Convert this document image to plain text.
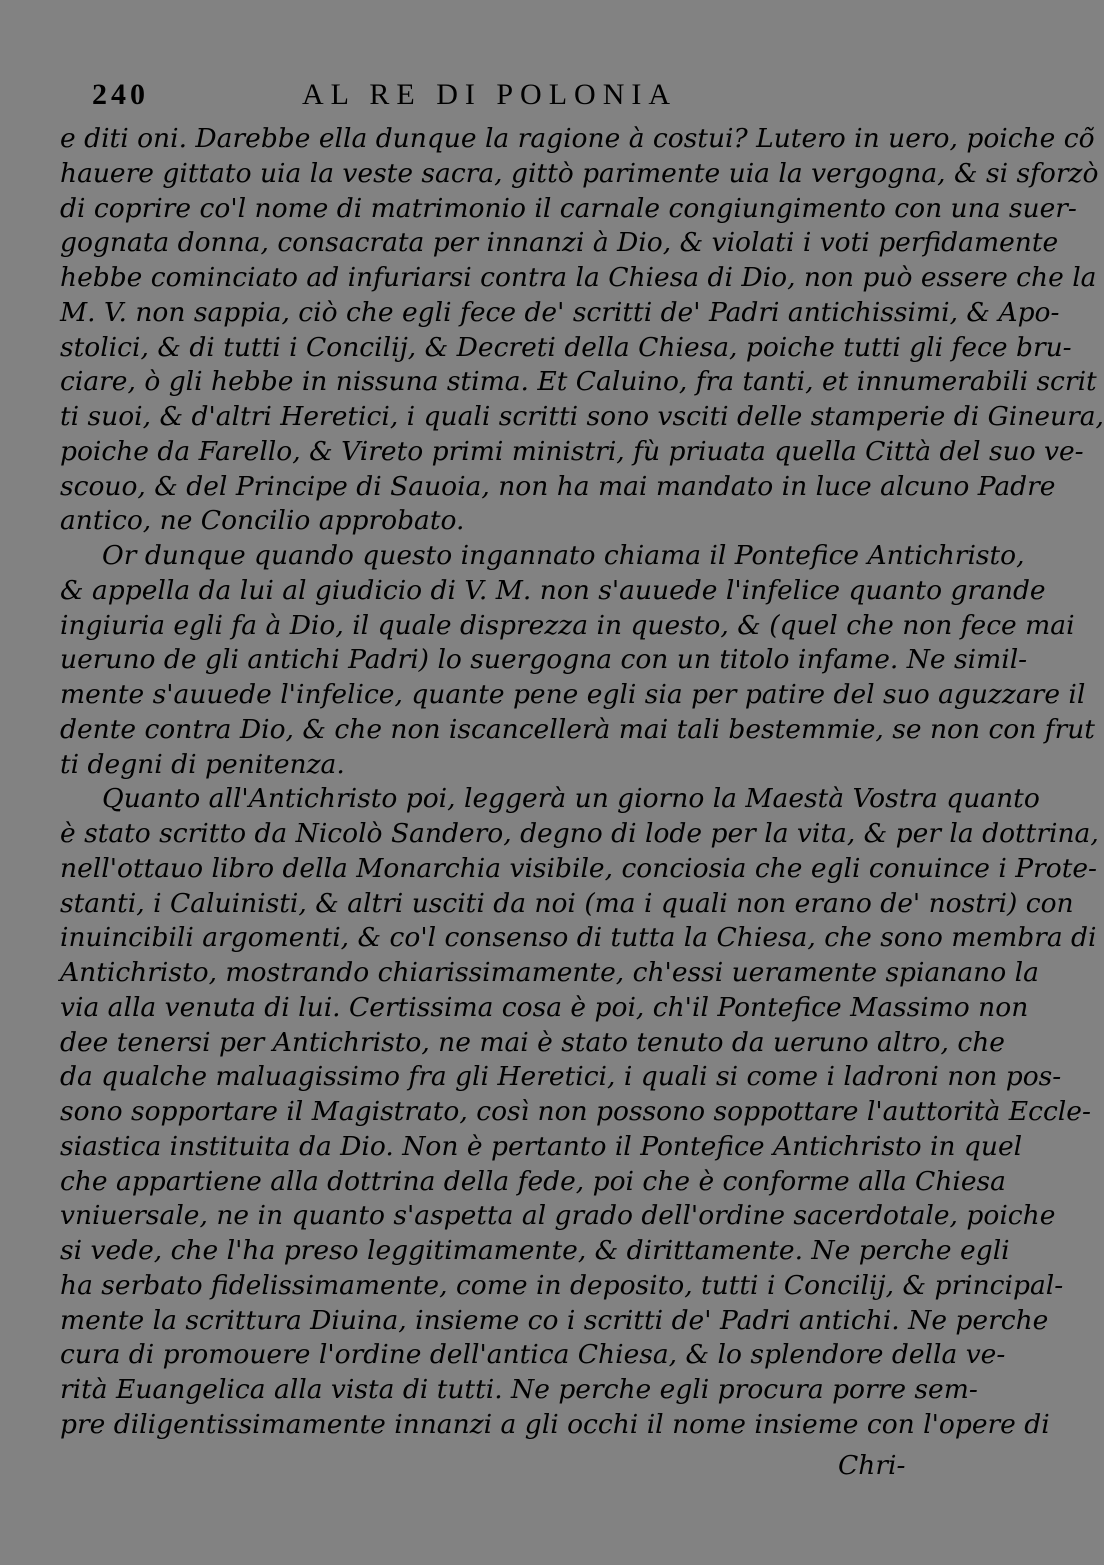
240	AL RE DI POLONIA
e diti oni. Darebbe ella dunque la ragione à costui? Lutero in uero, poiche cõ
hauere gittato uia la veste sacra, gittò parimente uia la vergogna, & si sforzò
di coprire co'l nome di matrimonio il carnale congiungimento con una suer-
gognata donna, consacrata per innanzi à Dio, & violati i voti perfidamente
hebbe cominciato ad infuriarsi contra la Chiesa di Dio, non può essere che la
M. V. non sappia, ciò che egli fece de' scritti de' Padri antichissimi, & Apo-
stolici, & di tutti i Concilij, & Decreti della Chiesa, poiche tutti gli fece bru-
ciare, ò gli hebbe in nissuna stima. Et Caluino, fra tanti, et innumerabili scrit
ti suoi, & d'altri Heretici, i quali scritti sono vsciti delle stamperie di Gineura,
poiche da Farello, & Vireto primi ministri, fù priuata quella Città del suo ve-
scouo, & del Principe di Sauoia, non ha mai mandato in luce alcuno Padre
antico, ne Concilio approbato.
Or dunque quando questo ingannato chiama il Pontefice Antichristo,
& appella da lui al giudicio di V. M. non s'auuede l'infelice quanto grande
ingiuria egli fa à Dio, il quale disprezza in questo, & (quel che non fece mai
ueruno de gli antichi Padri) lo suergogna con un titolo infame. Ne simil-
mente s'auuede l'infelice, quante pene egli sia per patire del suo aguzzare il
dente contra Dio, & che non iscancellerà mai tali bestemmie, se non con frut
ti degni di penitenza.
Quanto all'Antichristo poi, leggerà un giorno la Maestà Vostra quanto
è stato scritto da Nicolò Sandero, degno di lode per la vita, & per la dottrina,
nell'ottauo libro della Monarchia visibile, conciosia che egli conuince i Prote-
stanti, i Caluinisti, & altri usciti da noi (ma i quali non erano de' nostri) con
inuincibili argomenti, & co'l consenso di tutta la Chiesa, che sono membra di
Antichristo, mostrando chiarissimamente, ch'essi ueramente spianano la
via alla venuta di lui. Certissima cosa è poi, ch'il Pontefice Massimo non
dee tenersi per Antichristo, ne mai è stato tenuto da ueruno altro, che
da qualche maluagissimo fra gli Heretici, i quali si come i ladroni non pos-
sono sopportare il Magistrato, così non possono soppottare l'auttorità Eccle-
siastica instituita da Dio. Non è pertanto il Pontefice Antichristo in quel
che appartiene alla dottrina della fede, poi che è conforme alla Chiesa
vniuersale, ne in quanto s'aspetta al grado dell'ordine sacerdotale, poiche
si vede, che l'ha preso leggitimamente, & dirittamente. Ne perche egli
ha serbato fidelissimamente, come in deposito, tutti i Concilij, & principal-
mente la scrittura Diuina, insieme co i scritti de' Padri antichi. Ne perche
cura di promouere l'ordine dell'antica Chiesa, & lo splendore della ve-
rità Euangelica alla vista di tutti. Ne perche egli procura porre sem-
pre diligentissimamente innanzi a gli occhi il nome insieme con l'opere di
Chri-
